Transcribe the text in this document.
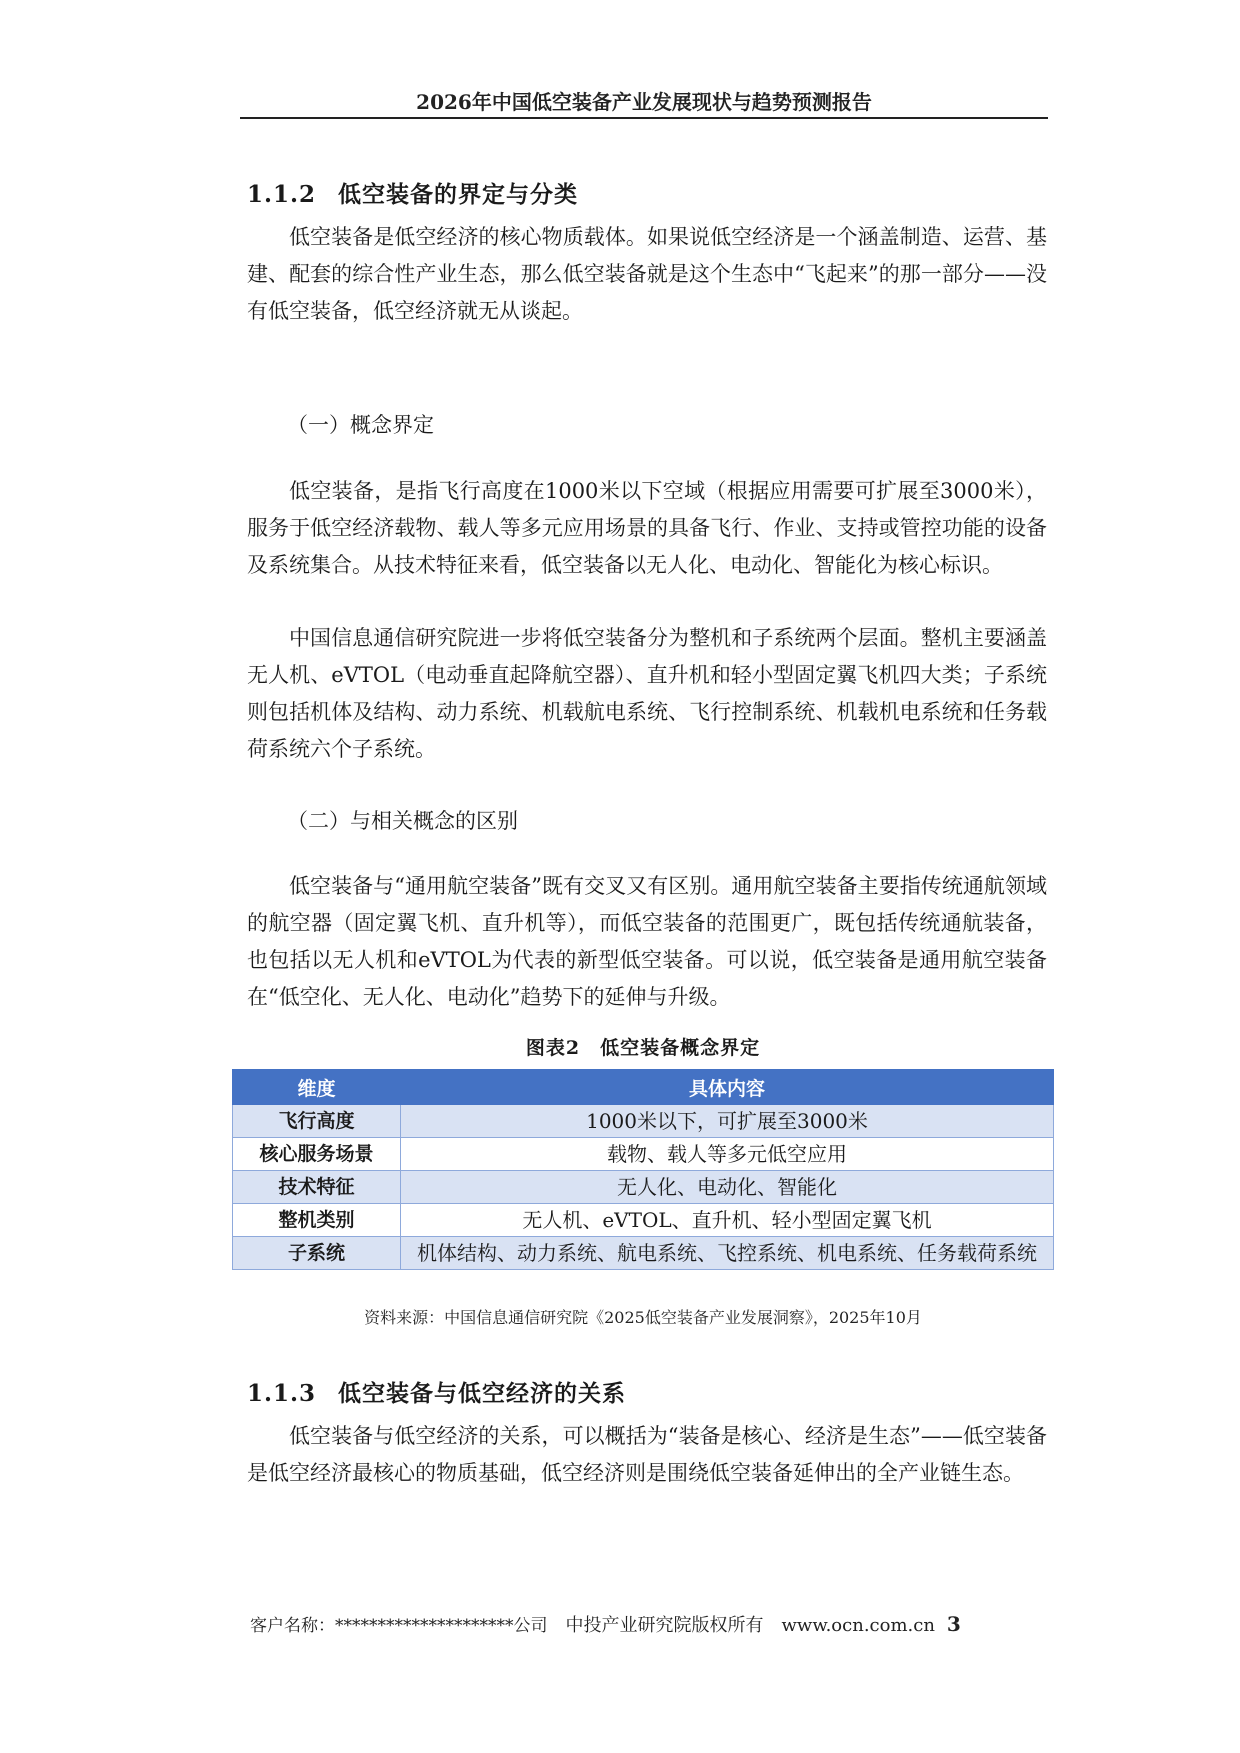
2026年中国低空装备产业发展现状与趋势预测报告
1.1.2 低空装备的界定与分类

低空装备是低空经济的核心物质载体。如果说低空经济是一个涵盖制造、运营、基建、配套的综合性产业生态，那么低空装备就是这个生态中“飞起来”的那一部分——没有低空装备，低空经济就无从谈起。

（一）概念界定

低空装备，是指飞行高度在1000米以下空域（根据应用需要可扩展至3000米），服务于低空经济载物、载人等多元应用场景的具备飞行、作业、支持或管控功能的设备及系统集合。从技术特征来看，低空装备以无人化、电动化、智能化为核心标识。

中国信息通信研究院进一步将低空装备分为整机和子系统两个层面。整机主要涵盖无人机、eVTOL（电动垂直起降航空器）、直升机和轻小型固定翼飞机四大类；子系统则包括机体及结构、动力系统、机载航电系统、飞行控制系统、机载机电系统和任务载荷系统六个子系统。

（二）与相关概念的区别

低空装备与“通用航空装备”既有交叉又有区别。通用航空装备主要指传统通航领域的航空器（固定翼飞机、直升机等），而低空装备的范围更广，既包括传统通航装备，也包括以无人机和eVTOL为代表的新型低空装备。可以说，低空装备是通用航空装备在“低空化、无人化、电动化”趋势下的延伸与升级。

图表2　低空装备概念界定
维度	具体内容
飞行高度	1000米以下，可扩展至3000米
核心服务场景	载物、载人等多元低空应用
技术特征	无人化、电动化、智能化
整机类别	无人机、eVTOL、直升机、轻小型固定翼飞机
子系统	机体结构、动力系统、航电系统、飞控系统、机电系统、任务载荷系统
资料来源：中国信息通信研究院《2025低空装备产业发展洞察》，2025年10月
1.1.3 低空装备与低空经济的关系

低空装备与低空经济的关系，可以概括为“装备是核心、经济是生态”——低空装备是低空经济最核心的物质基础，低空经济则是围绕低空装备延伸出的全产业链生态。

客户名称：*********************公司 中投产业研究院版权所有 www.ocn.com.cn 3
